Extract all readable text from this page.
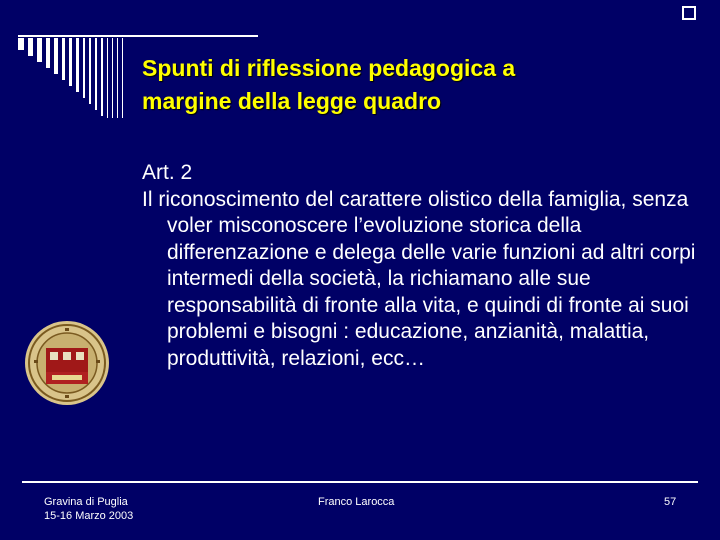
Spunti di riflessione pedagogica a
margine della legge quadro

Art. 2

Il riconoscimento del carattere olistico della famiglia, senza voler misconoscere l’evoluzione storica della differenzazione e delega delle varie funzioni ad altri corpi intermedi della società, la richiamano alle sue responsabilità di fronte alla vita, e quindi di fronte ai suoi problemi e bisogni : educazione, anzianità, malattia, produttività, relazioni, ecc…

Gravina di Puglia
15-16 Marzo 2003
Franco Larocca	57
